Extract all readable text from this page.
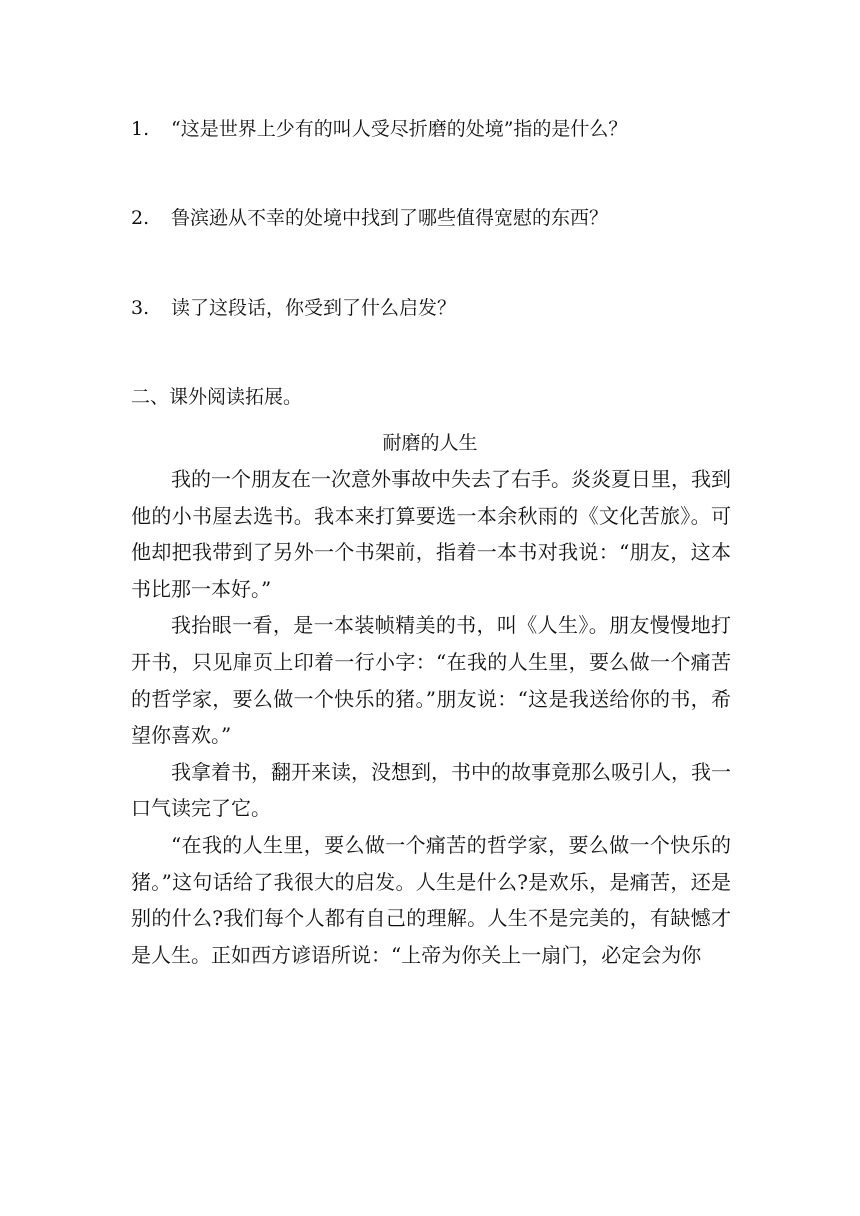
1. “这是世界上少有的叫人受尽折磨的处境”指的是什么？
2. 鲁滨逊从不幸的处境中找到了哪些值得宽慰的东西？
3. 读了这段话，你受到了什么启发？
二、课外阅读拓展。
耐磨的人生

我的一个朋友在一次意外事故中失去了右手。炎炎夏日里，我到他的小书屋去选书。我本来打算要选一本余秋雨的《文化苦旅》。可他却把我带到了另外一个书架前，指着一本书对我说：“朋友，这本书比那一本好。”

我抬眼一看，是一本装帧精美的书，叫《人生》。朋友慢慢地打开书，只见扉页上印着一行小字：“在我的人生里，要么做一个痛苦的哲学家，要么做一个快乐的猪。”朋友说：“这是我送给你的书，希望你喜欢。”

我拿着书，翻开来读，没想到，书中的故事竟那么吸引人，我一口气读完了它。

“在我的人生里，要么做一个痛苦的哲学家，要么做一个快乐的猪。”这句话给了我很大的启发。人生是什么?是欢乐，是痛苦，还是别的什么?我们每个人都有自己的理解。人生不是完美的，有缺憾才是人生。正如西方谚语所说：“上帝为你关上一扇门，必定会为你
